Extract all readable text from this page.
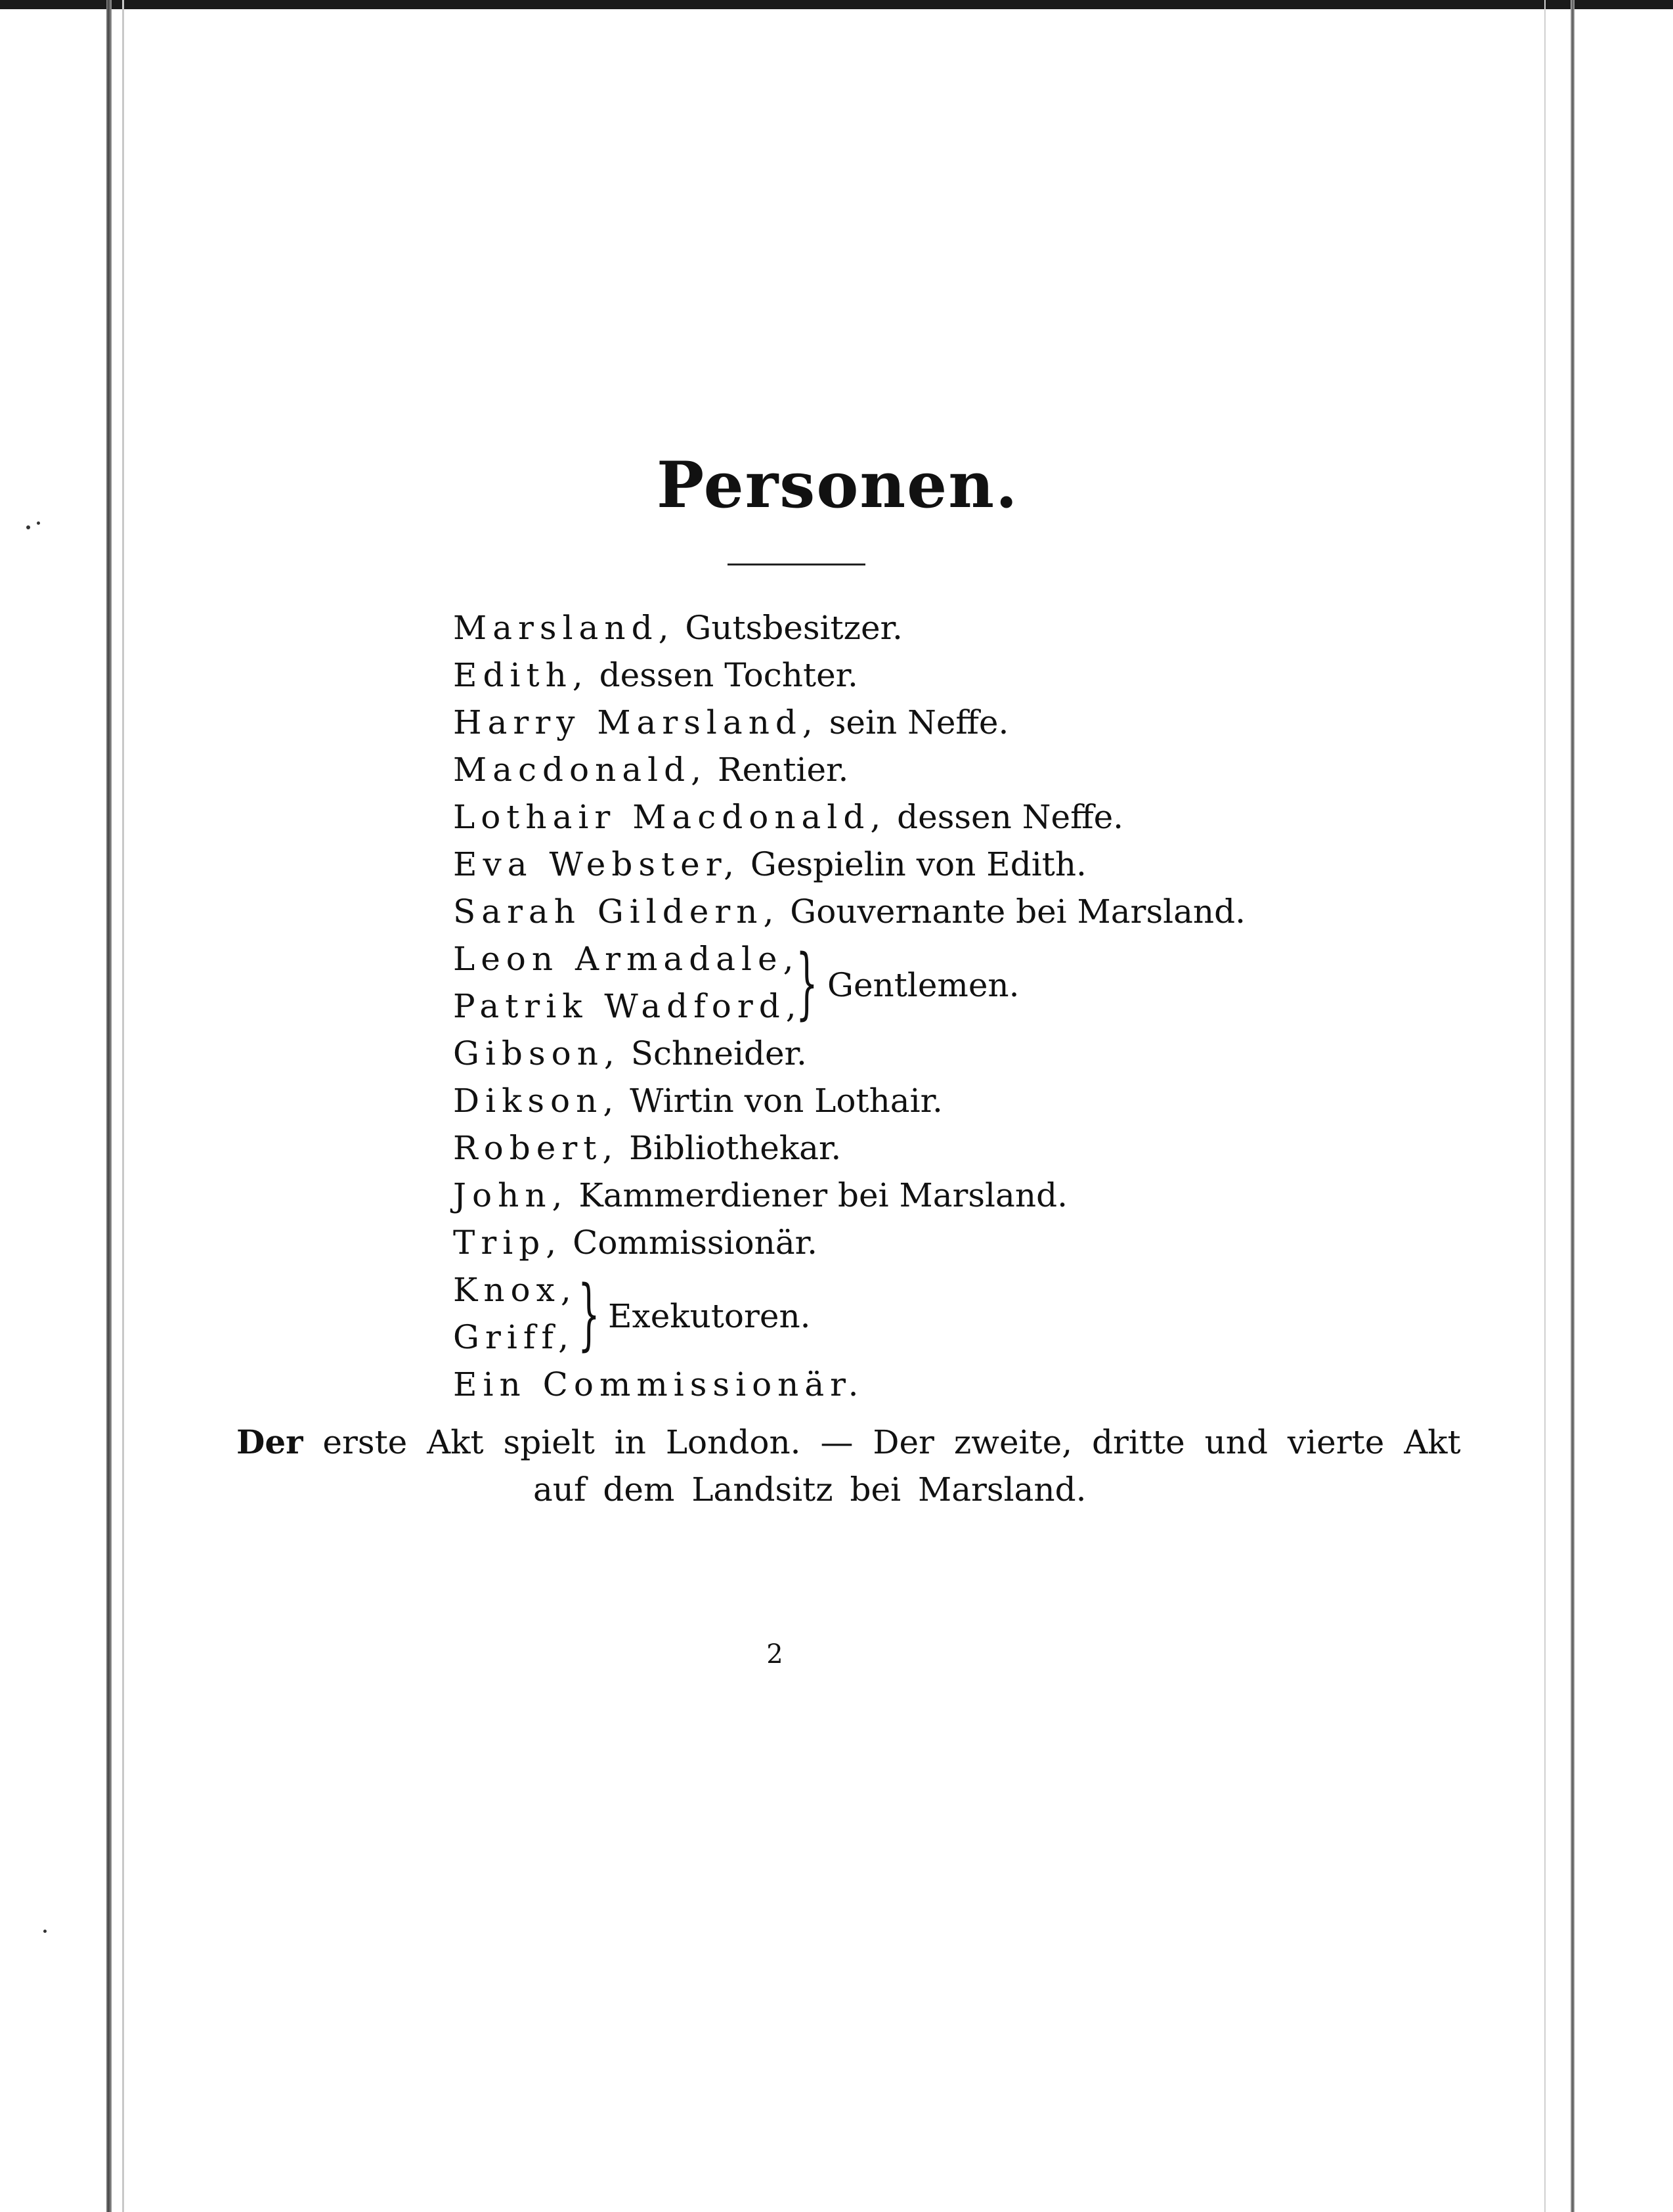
Personen.
Marsland, Gutsbesitzer.
Edith, dessen Tochter.
Harry Marsland, sein Neffe.
Macdonald, Rentier.
Lothair Macdonald, dessen Neffe.
Eva Webster, Gespielin von Edith.
Sarah Gildern, Gouvernante bei Marsland.
Leon Armadale,
Patrik Wadford,
} Gentlemen.
Gibson, Schneider.
Dikson, Wirtin von Lothair.
Robert, Bibliothekar.
John, Kammerdiener bei Marsland.
Trip, Commissionär.
Knox,
Griff, } Exekutoren.
Ein Commissionär.
Der erste Akt spielt in London. — Der zweite, dritte und vierte Akt
auf dem Landsitz bei Marsland.
2
